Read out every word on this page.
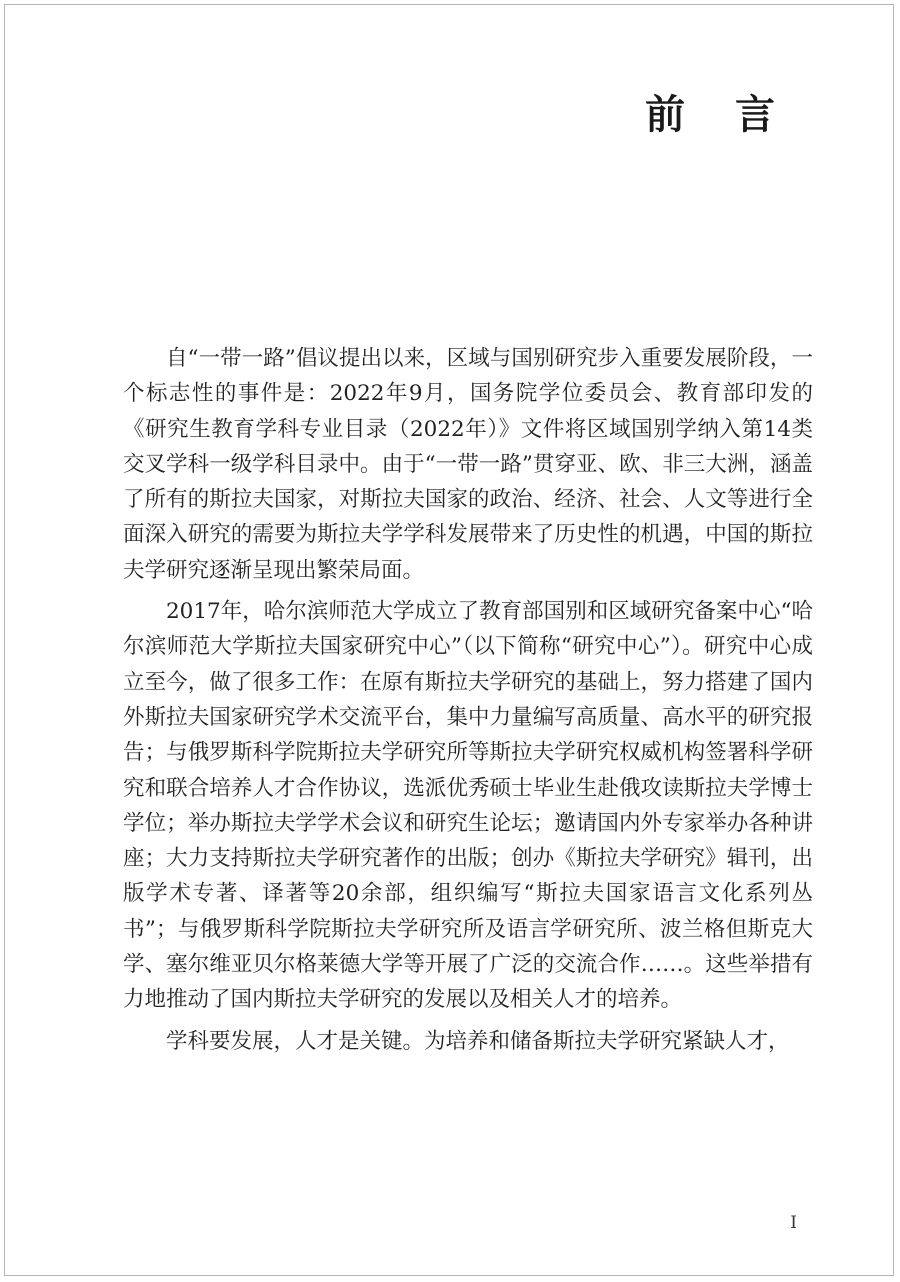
前 言

自“一带一路”倡议提出以来，区域与国别研究步入重要发展阶段，一个标志性的事件是：2022年9月，国务院学位委员会、教育部印发的《研究生教育学科专业目录（2022年）》文件将区域国别学纳入第14类交叉学科一级学科目录中。由于“一带一路”贯穿亚、欧、非三大洲，涵盖了所有的斯拉夫国家，对斯拉夫国家的政治、经济、社会、人文等进行全面深入研究的需要为斯拉夫学学科发展带来了历史性的机遇，中国的斯拉夫学研究逐渐呈现出繁荣局面。

2017年，哈尔滨师范大学成立了教育部国别和区域研究备案中心“哈尔滨师范大学斯拉夫国家研究中心”（以下简称“研究中心”）。研究中心成立至今，做了很多工作：在原有斯拉夫学研究的基础上，努力搭建了国内外斯拉夫国家研究学术交流平台，集中力量编写高质量、高水平的研究报告；与俄罗斯科学院斯拉夫学研究所等斯拉夫学研究权威机构签署科学研究和联合培养人才合作协议，选派优秀硕士毕业生赴俄攻读斯拉夫学博士学位；举办斯拉夫学学术会议和研究生论坛；邀请国内外专家举办各种讲座；大力支持斯拉夫学研究著作的出版；创办《斯拉夫学研究》辑刊，出版学术专著、译著等20余部，组织编写“斯拉夫国家语言文化系列丛书”；与俄罗斯科学院斯拉夫学研究所及语言学研究所、波兰格但斯克大学、塞尔维亚贝尔格莱德大学等开展了广泛的交流合作……。这些举措有力地推动了国内斯拉夫学研究的发展以及相关人才的培养。

学科要发展，人才是关键。为培养和储备斯拉夫学研究紧缺人才，

I
